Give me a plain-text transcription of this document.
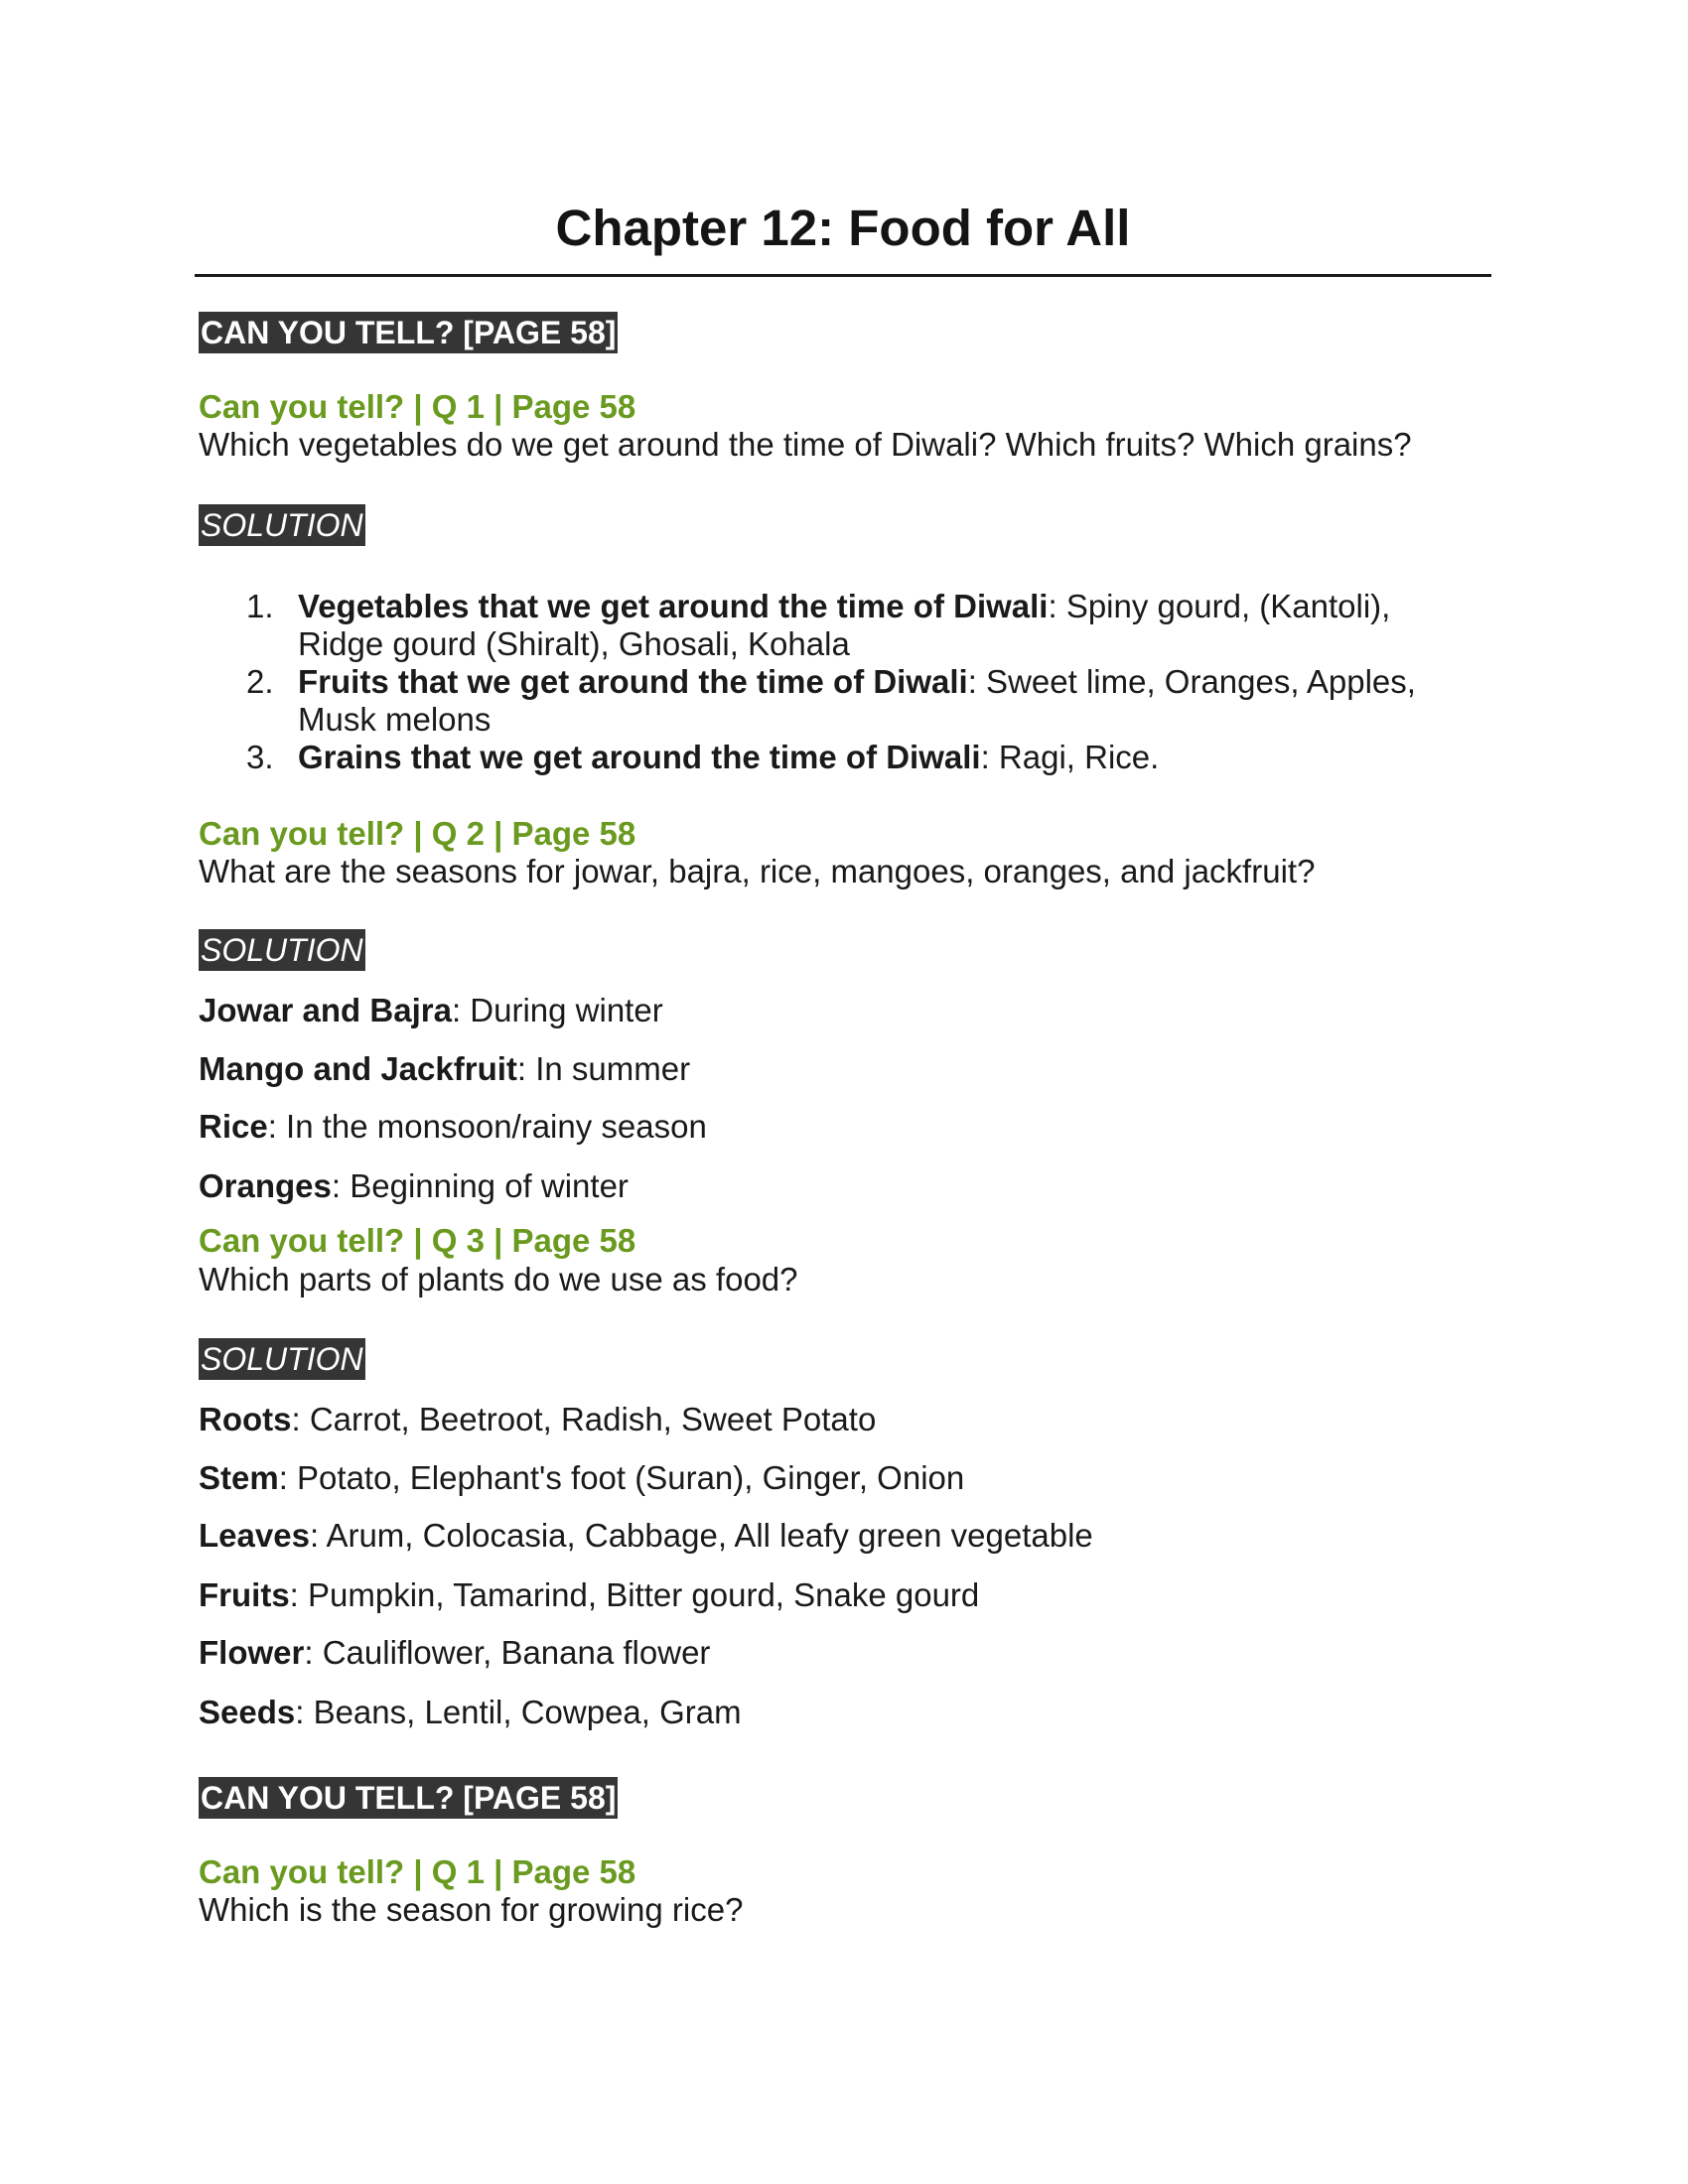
Chapter 12: Food for All
CAN YOU TELL? [PAGE 58]
Can you tell? | Q 1 | Page 58
Which vegetables do we get around the time of Diwali? Which fruits? Which grains?
SOLUTION
1. Vegetables that we get around the time of Diwali: Spiny gourd, (Kantoli),
Ridge gourd (Shiralt), Ghosali, Kohala
2. Fruits that we get around the time of Diwali: Sweet lime, Oranges, Apples,
Musk melons
3. Grains that we get around the time of Diwali: Ragi, Rice.
Can you tell? | Q 2 | Page 58
What are the seasons for jowar, bajra, rice, mangoes, oranges, and jackfruit?
SOLUTION
Jowar and Bajra: During winter
Mango and Jackfruit: In summer
Rice: In the monsoon/rainy season
Oranges: Beginning of winter
Can you tell? | Q 3 | Page 58
Which parts of plants do we use as food?
SOLUTION
Roots: Carrot, Beetroot, Radish, Sweet Potato
Stem: Potato, Elephant's foot (Suran), Ginger, Onion
Leaves: Arum, Colocasia, Cabbage, All leafy green vegetable
Fruits: Pumpkin, Tamarind, Bitter gourd, Snake gourd
Flower: Cauliflower, Banana flower
Seeds: Beans, Lentil, Cowpea, Gram
CAN YOU TELL? [PAGE 58]
Can you tell? | Q 1 | Page 58
Which is the season for growing rice?
